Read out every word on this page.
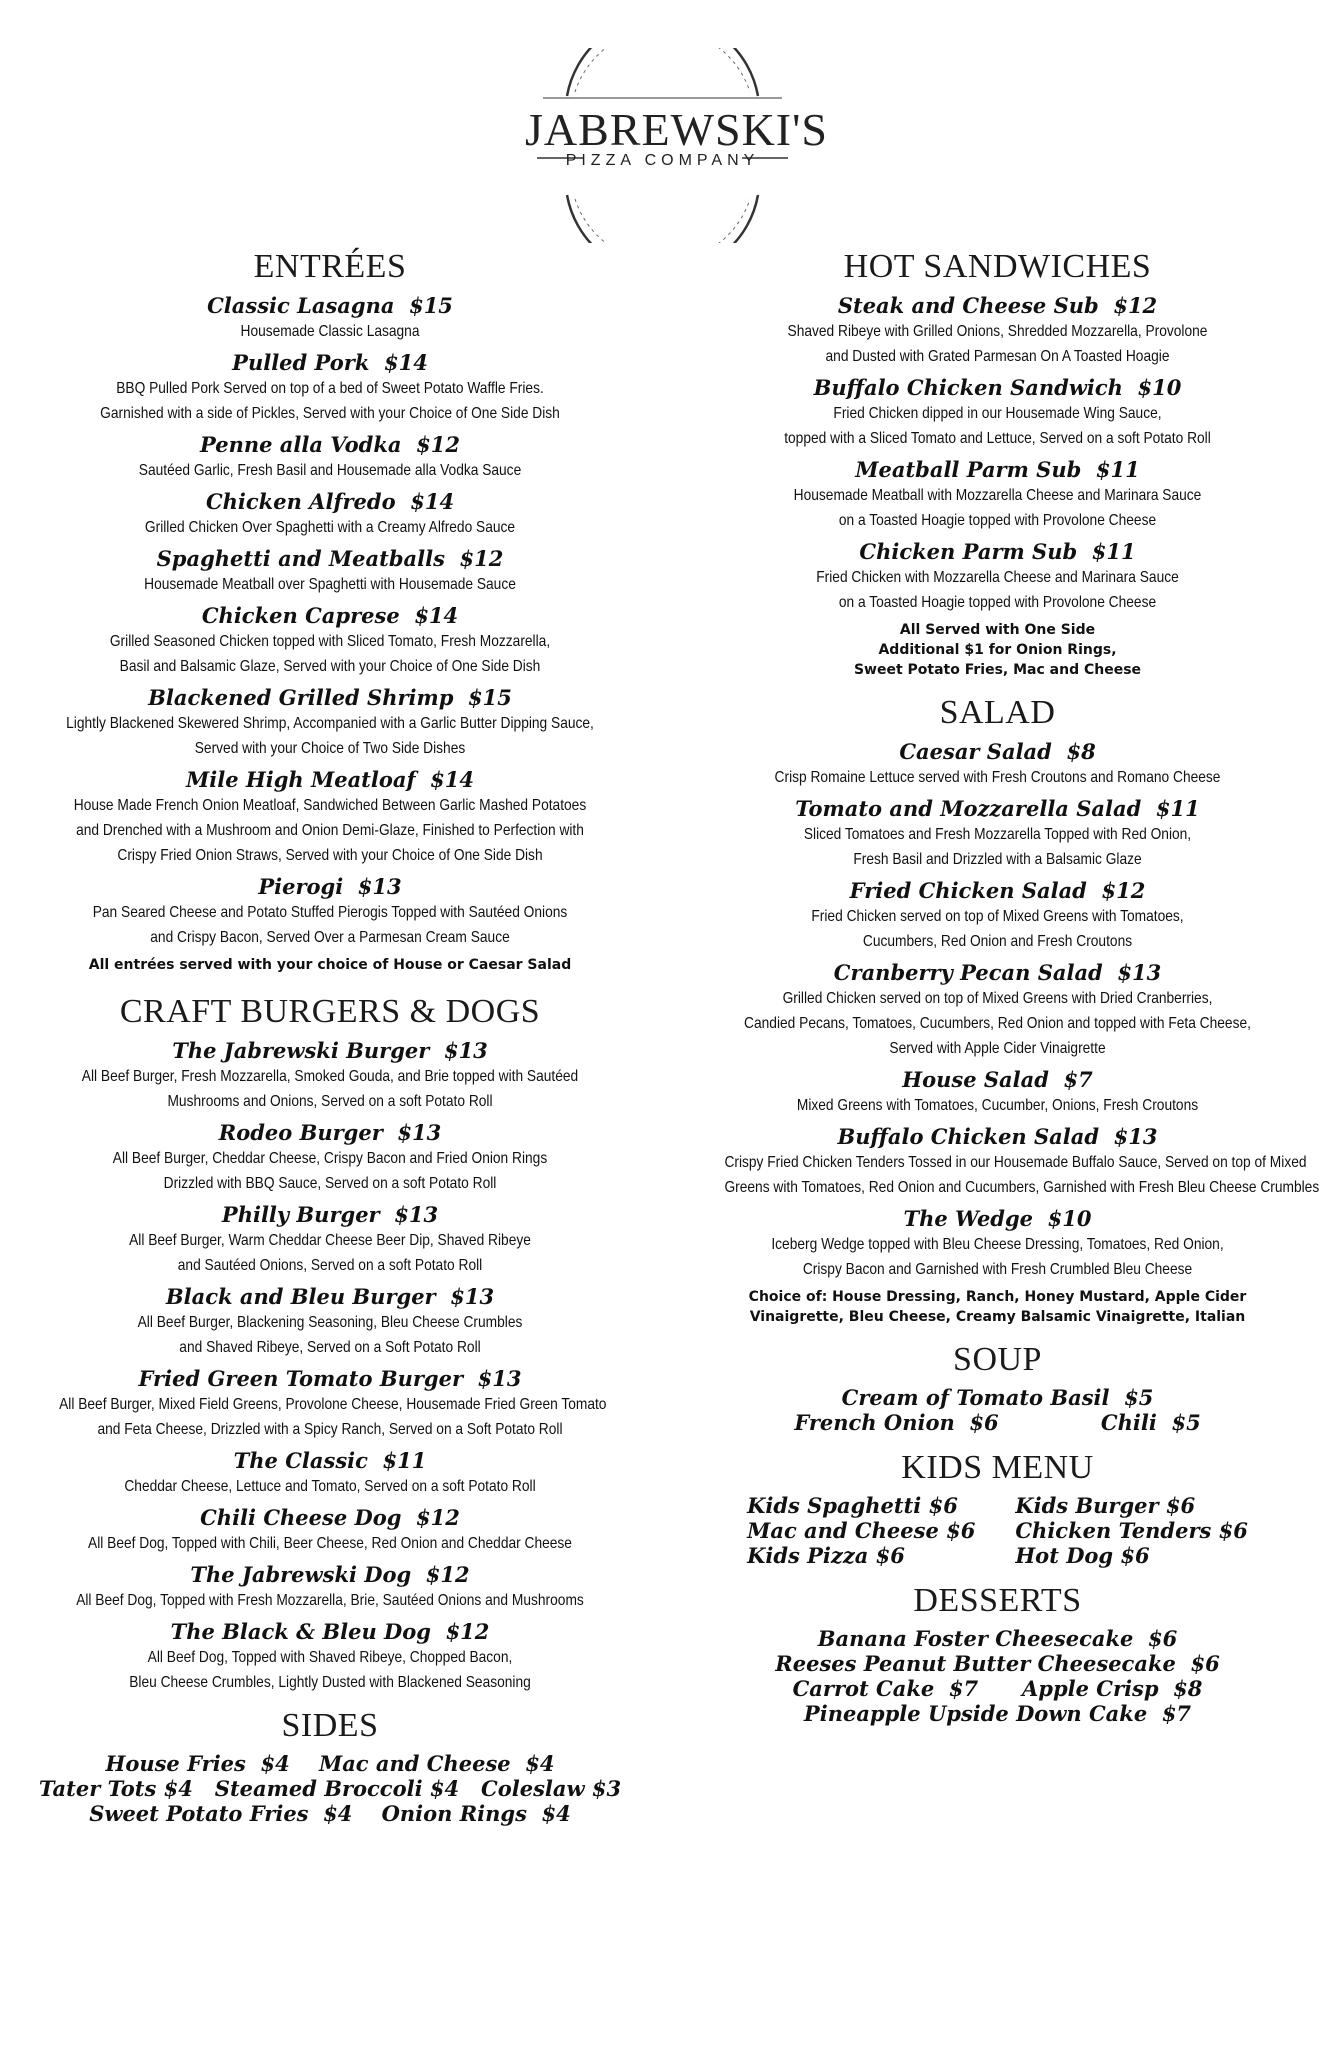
JABREWSKI'S
PIZZA COMPANY
ENTRÉES
Classic Lasagna  $15
Housemade Classic Lasagna
Pulled Pork  $14
BBQ Pulled Pork Served on top of a bed of Sweet Potato Waffle Fries.
Garnished with a side of Pickles, Served with your Choice of One Side Dish
Penne alla Vodka  $12
Sautéed Garlic, Fresh Basil and Housemade alla Vodka Sauce
Chicken Alfredo  $14
Grilled Chicken Over Spaghetti with a Creamy Alfredo Sauce
Spaghetti and Meatballs  $12
Housemade Meatball over Spaghetti with Housemade Sauce
Chicken Caprese  $14
Grilled Seasoned Chicken topped with Sliced Tomato, Fresh Mozzarella,
Basil and Balsamic Glaze, Served with your Choice of One Side Dish
Blackened Grilled Shrimp  $15
Lightly Blackened Skewered Shrimp, Accompanied with a Garlic Butter Dipping Sauce,
Served with your Choice of Two Side Dishes
Mile High Meatloaf  $14
House Made French Onion Meatloaf, Sandwiched Between Garlic Mashed Potatoes
and Drenched with a Mushroom and Onion Demi-Glaze, Finished to Perfection with
Crispy Fried Onion Straws, Served with your Choice of One Side Dish
Pierogi  $13
Pan Seared Cheese and Potato Stuffed Pierogis Topped with Sautéed Onions
and Crispy Bacon, Served Over a Parmesan Cream Sauce
All entrées served with your choice of House or Caesar Salad
CRAFT BURGERS & DOGS
The Jabrewski Burger  $13
All Beef Burger, Fresh Mozzarella, Smoked Gouda, and Brie topped with Sautéed
Mushrooms and Onions, Served on a soft Potato Roll
Rodeo Burger  $13
All Beef Burger, Cheddar Cheese, Crispy Bacon and Fried Onion Rings
Drizzled with BBQ Sauce, Served on a soft Potato Roll
Philly Burger  $13
All Beef Burger, Warm Cheddar Cheese Beer Dip, Shaved Ribeye
and Sautéed Onions, Served on a soft Potato Roll
Black and Bleu Burger  $13
All Beef Burger, Blackening Seasoning, Bleu Cheese Crumbles
and Shaved Ribeye, Served on a Soft Potato Roll
Fried Green Tomato Burger  $13
All Beef Burger, Mixed Field Greens, Provolone Cheese, Housemade Fried Green Tomato
and Feta Cheese, Drizzled with a Spicy Ranch, Served on a Soft Potato Roll
The Classic  $11
Cheddar Cheese, Lettuce and Tomato, Served on a soft Potato Roll
Chili Cheese Dog  $12
All Beef Dog, Topped with Chili, Beer Cheese, Red Onion and Cheddar Cheese
The Jabrewski Dog  $12
All Beef Dog, Topped with Fresh Mozzarella, Brie, Sautéed Onions and Mushrooms
The Black & Bleu Dog  $12
All Beef Dog, Topped with Shaved Ribeye, Chopped Bacon,
Bleu Cheese Crumbles, Lightly Dusted with Blackened Seasoning
SIDES
House Fries  $4    Mac and Cheese  $4
Tater Tots $4   Steamed Broccoli $4   Coleslaw $3
Sweet Potato Fries  $4    Onion Rings  $4
HOT SANDWICHES
Steak and Cheese Sub  $12
Shaved Ribeye with Grilled Onions, Shredded Mozzarella, Provolone
and Dusted with Grated Parmesan On A Toasted Hoagie
Buffalo Chicken Sandwich  $10
Fried Chicken dipped in our Housemade Wing Sauce,
topped with a Sliced Tomato and Lettuce, Served on a soft Potato Roll
Meatball Parm Sub  $11
Housemade Meatball with Mozzarella Cheese and Marinara Sauce
on a Toasted Hoagie topped with Provolone Cheese
Chicken Parm Sub  $11
Fried Chicken with Mozzarella Cheese and Marinara Sauce
on a Toasted Hoagie topped with Provolone Cheese
All Served with One Side
Additional $1 for Onion Rings,
Sweet Potato Fries, Mac and Cheese
SALAD
Caesar Salad  $8
Crisp Romaine Lettuce served with Fresh Croutons and Romano Cheese
Tomato and Mozzarella Salad  $11
Sliced Tomatoes and Fresh Mozzarella Topped with Red Onion,
Fresh Basil and Drizzled with a Balsamic Glaze
Fried Chicken Salad  $12
Fried Chicken served on top of Mixed Greens with Tomatoes,
Cucumbers, Red Onion and Fresh Croutons
Cranberry Pecan Salad  $13
Grilled Chicken served on top of Mixed Greens with Dried Cranberries,
Candied Pecans, Tomatoes, Cucumbers, Red Onion and topped with Feta Cheese,
Served with Apple Cider Vinaigrette
House Salad  $7
Mixed Greens with Tomatoes, Cucumber, Onions, Fresh Croutons
Buffalo Chicken Salad  $13
Crispy Fried Chicken Tenders Tossed in our Housemade Buffalo Sauce, Served on top of Mixed
Greens with Tomatoes, Red Onion and Cucumbers, Garnished with Fresh Bleu Cheese Crumbles
The Wedge  $10
Iceberg Wedge topped with Bleu Cheese Dressing, Tomatoes, Red Onion,
Crispy Bacon and Garnished with Fresh Crumbled Bleu Cheese
Choice of: House Dressing, Ranch, Honey Mustard, Apple Cider
Vinaigrette, Bleu Cheese, Creamy Balsamic Vinaigrette, Italian
SOUP
Cream of Tomato Basil  $5
French Onion  $6              Chili  $5
KIDS MENU
Kids Spaghetti $6
Mac and Cheese $6
Kids Pizza $6
Kids Burger $6
Chicken Tenders $6
Hot Dog $6
DESSERTS
Banana Foster Cheesecake  $6
Reeses Peanut Butter Cheesecake  $6
Carrot Cake  $7      Apple Crisp  $8
Pineapple Upside Down Cake  $7
